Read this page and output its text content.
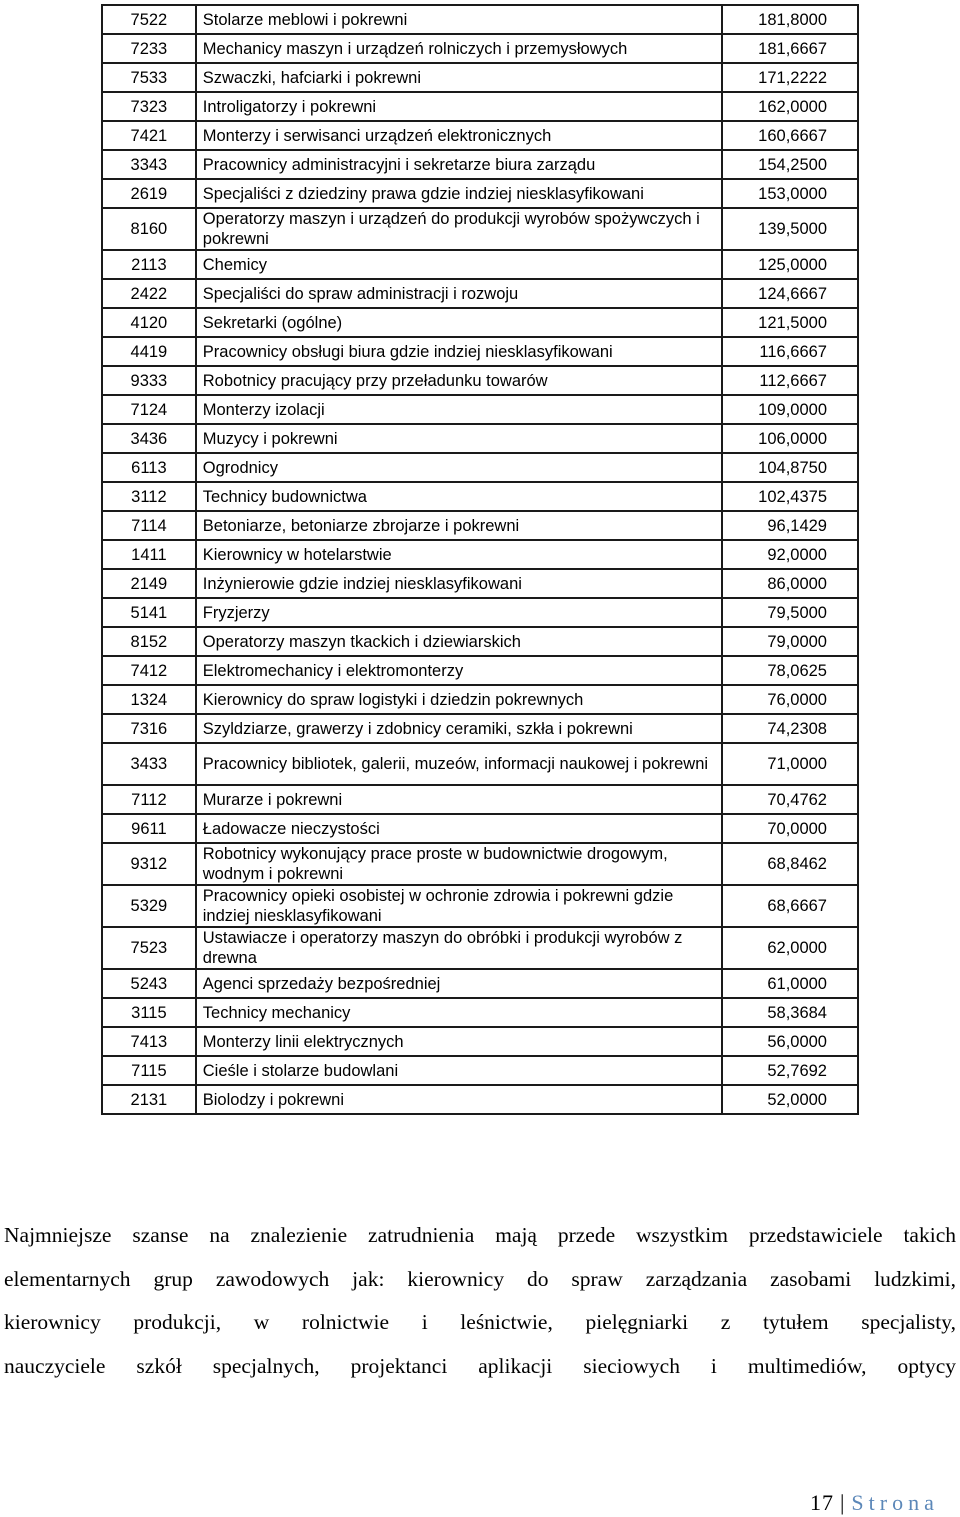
7522	Stolarze meblowi i pokrewni	181,8000
7233	Mechanicy maszyn i urządzeń rolniczych i przemysłowych	181,6667
7533	Szwaczki, hafciarki i pokrewni	171,2222
7323	Introligatorzy i pokrewni	162,0000
7421	Monterzy i serwisanci urządzeń elektronicznych	160,6667
3343	Pracownicy administracyjni i sekretarze biura zarządu	154,2500
2619	Specjaliści z dziedziny prawa gdzie indziej niesklasyfikowani	153,0000
8160	Operatorzy maszyn i urządzeń do produkcji wyrobów spożywczych i pokrewni	139,5000
2113	Chemicy	125,0000
2422	Specjaliści do spraw administracji i rozwoju	124,6667
4120	Sekretarki (ogólne)	121,5000
4419	Pracownicy obsługi biura gdzie indziej niesklasyfikowani	116,6667
9333	Robotnicy pracujący przy przeładunku towarów	112,6667
7124	Monterzy izolacji	109,0000
3436	Muzycy i pokrewni	106,0000
6113	Ogrodnicy	104,8750
3112	Technicy budownictwa	102,4375
7114	Betoniarze, betoniarze zbrojarze i pokrewni	96,1429
1411	Kierownicy w hotelarstwie	92,0000
2149	Inżynierowie gdzie indziej niesklasyfikowani	86,0000
5141	Fryzjerzy	79,5000
8152	Operatorzy maszyn tkackich i dziewiarskich	79,0000
7412	Elektromechanicy i elektromonterzy	78,0625
1324	Kierownicy do spraw logistyki i dziedzin pokrewnych	76,0000
7316	Szyldziarze, grawerzy i zdobnicy ceramiki, szkła i pokrewni	74,2308
3433	Pracownicy bibliotek, galerii, muzeów, informacji naukowej i pokrewni	71,0000
7112	Murarze i pokrewni	70,4762
9611	Ładowacze nieczystości	70,0000
9312	Robotnicy wykonujący prace proste w budownictwie drogowym, wodnym i pokrewni	68,8462
5329	Pracownicy opieki osobistej w ochronie zdrowia i pokrewni gdzie indziej niesklasyfikowani	68,6667
7523	Ustawiacze i operatorzy maszyn do obróbki i produkcji wyrobów z drewna	62,0000
5243	Agenci sprzedaży bezpośredniej	61,0000
3115	Technicy mechanicy	58,3684
7413	Monterzy linii elektrycznych	56,0000
7115	Cieśle i stolarze budowlani	52,7692
2131	Biolodzy i pokrewni	52,0000
Najmniejsze szanse na znalezienie zatrudnienia mają przede wszystkim przedstawiciele takich
elementarnych grup zawodowych jak: kierownicy do spraw zarządzania zasobami ludzkimi,
kierownicy produkcji, w rolnictwie i leśnictwie, pielęgniarki z tytułem specjalisty,
nauczyciele szkół specjalnych, projektanci aplikacji sieciowych i multimediów, optycy
17 | Strona
